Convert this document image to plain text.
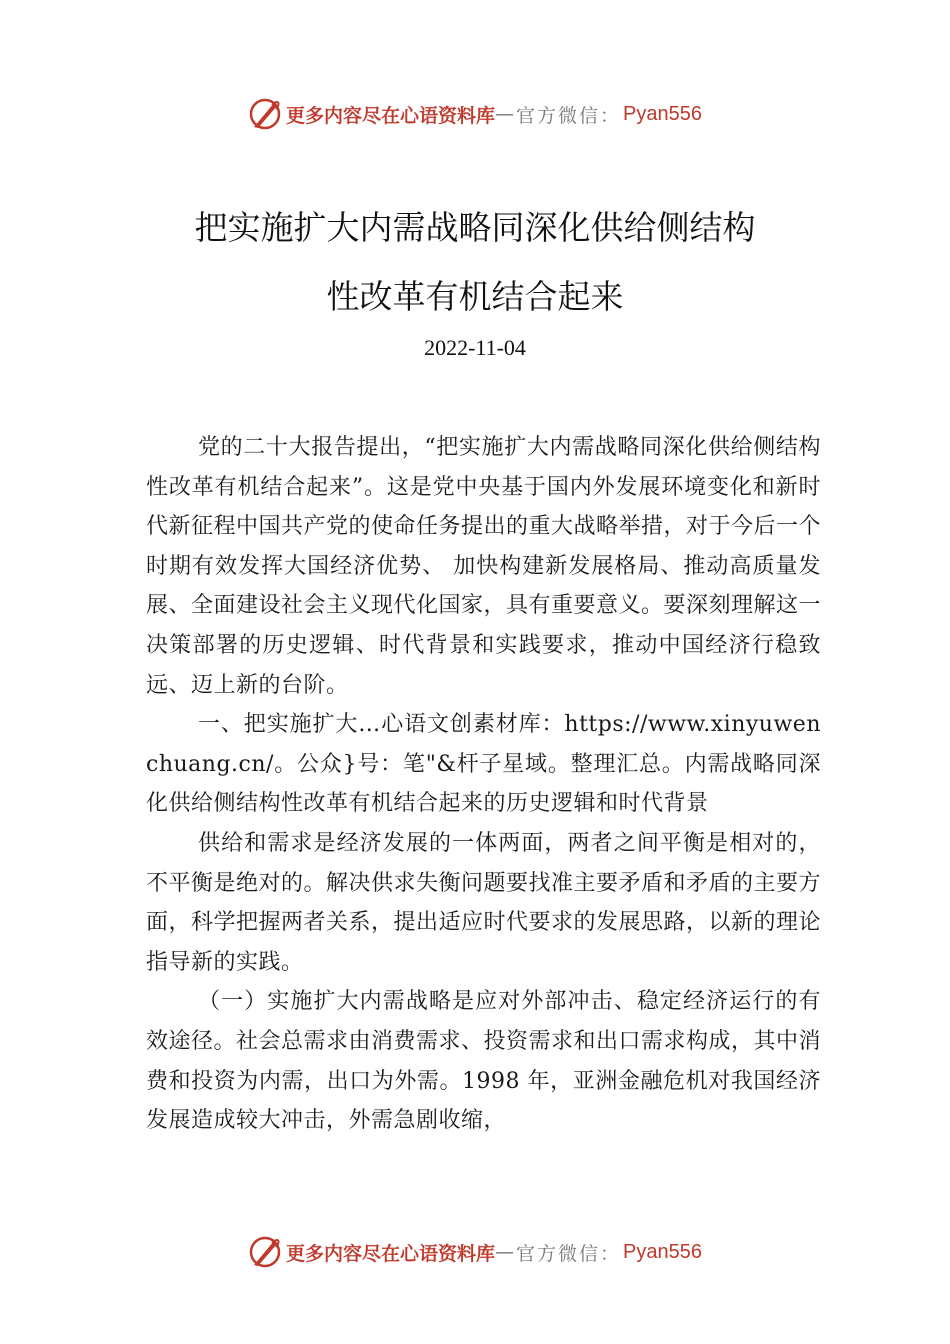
更多内容尽在心语资料库 — 官方微信： Pyan556
把实施扩大内需战略同深化供给侧结构
性改革有机结合起来
2022-11-04

党的二十大报告提出，“把实施扩大内需战略同深化供给侧结构性改革有机结合起来”。这是党中央基于国内外发展环境变化和新时代新征程中国共产党的使命任务提出的重大战略举措，对于今后一个时期有效发挥大国经济优势、 加快构建新发展格局、推动高质量发展、全面建设社会主义现代化国家，具有重要意义。要深刻理解这一决策部署的历史逻辑、时代背景和实践要求，推动中国经济行稳致远、迈上新的台阶。

一、把实施扩大…心语文创素材库：https://www.xinyuwenchuang.cn/。公众}号：笔"&杆子星域。整理汇总。内需战略同深化供给侧结构性改革有机结合起来的历史逻辑和时代背景

供给和需求是经济发展的一体两面，两者之间平衡是相对的，不平衡是绝对的。解决供求失衡问题要找准主要矛盾和矛盾的主要方面，科学把握两者关系，提出适应时代要求的发展思路，以新的理论指导新的实践。

（一）实施扩大内需战略是应对外部冲击、稳定经济运行的有效途径。社会总需求由消费需求、投资需求和出口需求构成，其中消费和投资为内需，出口为外需。1998 年，亚洲金融危机对我国经济发展造成较大冲击，外需急剧收缩，

更多内容尽在心语资料库 — 官方微信： Pyan556
